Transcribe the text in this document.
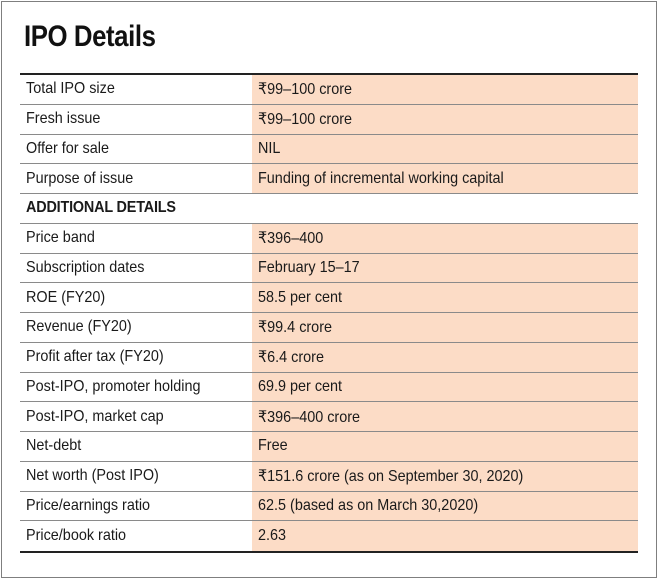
IPO Details
Total IPO size	₹99–100 crore
Fresh issue	₹99–100 crore
Offer for sale	NIL
Purpose of issue	Funding of incremental working capital
ADDITIONAL DETAILS
Price band	₹396–400
Subscription dates	February 15–17
ROE (FY20)	58.5 per cent
Revenue (FY20)	₹99.4 crore
Profit after tax (FY20)	₹6.4 crore
Post-IPO, promoter holding	69.9 per cent
Post-IPO, market cap	₹396–400 crore
Net-debt	Free
Net worth (Post IPO)	₹151.6 crore (as on September 30, 2020)
Price/earnings ratio	62.5 (based as on March 30,2020)
Price/book ratio	2.63
